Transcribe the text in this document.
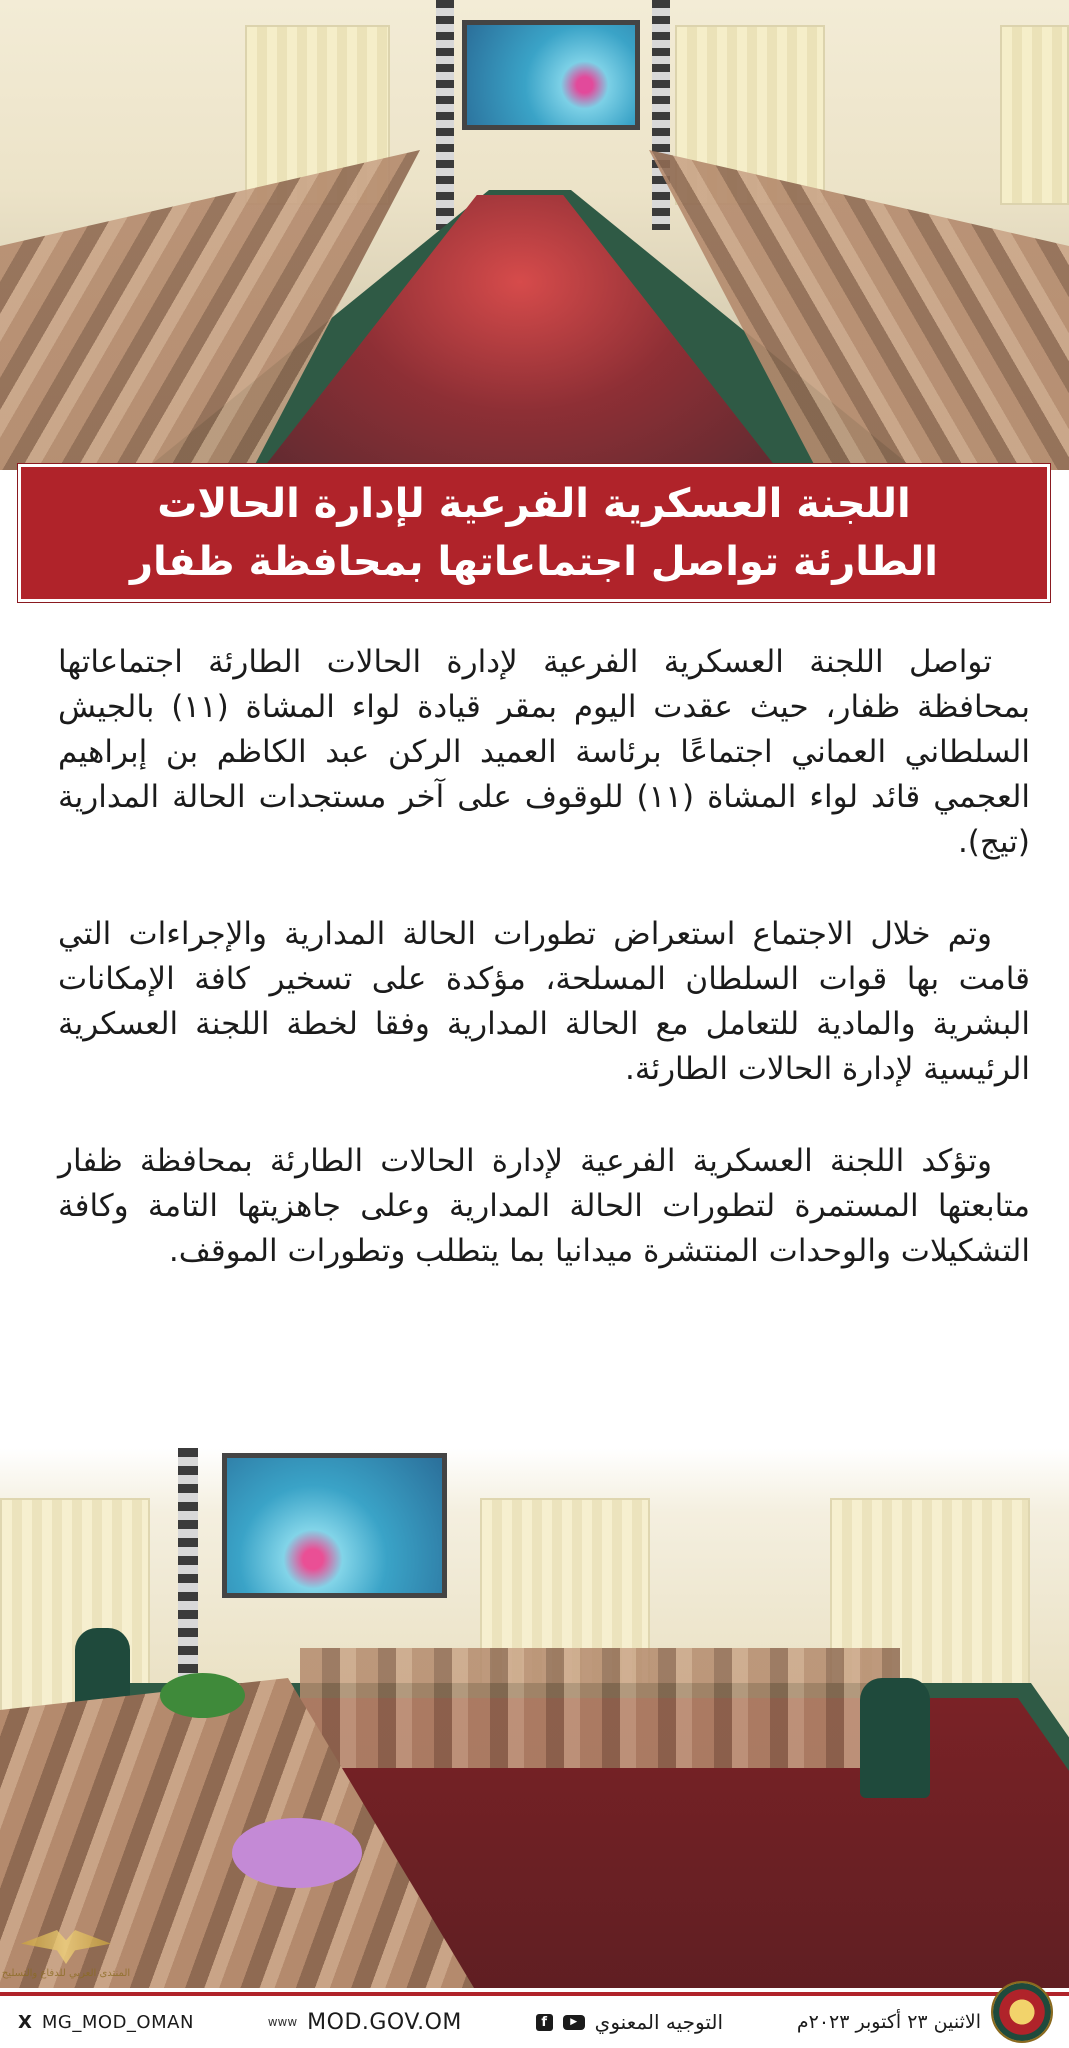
اللجنة العسكرية الفرعية لإدارة الحالات
الطارئة تواصل اجتماعاتها بمحافظة ظفار

تواصل اللجنة العسكرية الفرعية لإدارة الحالات الطارئة اجتماعاتها بمحافظة ظفار، حيث عقدت اليوم بمقر قيادة لواء المشاة (١١) بالجيش السلطاني العماني اجتماعًا برئاسة العميد الركن عبد الكاظم بن إبراهيم العجمي قائد لواء المشاة (١١) للوقوف على آخر مستجدات الحالة المدارية (تيج).

وتم خلال الاجتماع استعراض تطورات الحالة المدارية والإجراءات التي قامت بها قوات السلطان المسلحة، مؤكدة على تسخير كافة الإمكانات البشرية والمادية للتعامل مع الحالة المدارية وفقا لخطة اللجنة العسكرية الرئيسية لإدارة الحالات الطارئة.

وتؤكد اللجنة العسكرية الفرعية لإدارة الحالات الطارئة بمحافظة ظفار متابعتها المستمرة لتطورات الحالة المدارية وعلى جاهزيتها التامة وكافة التشكيلات والوحدات المنتشرة ميدانيا بما يتطلب وتطورات الموقف.

المنتدى العربي للدفاع والتسليح
X MG_MOD_OMAN	www MOD.GOV.OM	f	▶ التوجيه المعنوي	الاثنين ٢٣ أكتوبر ٢٠٢٣م
